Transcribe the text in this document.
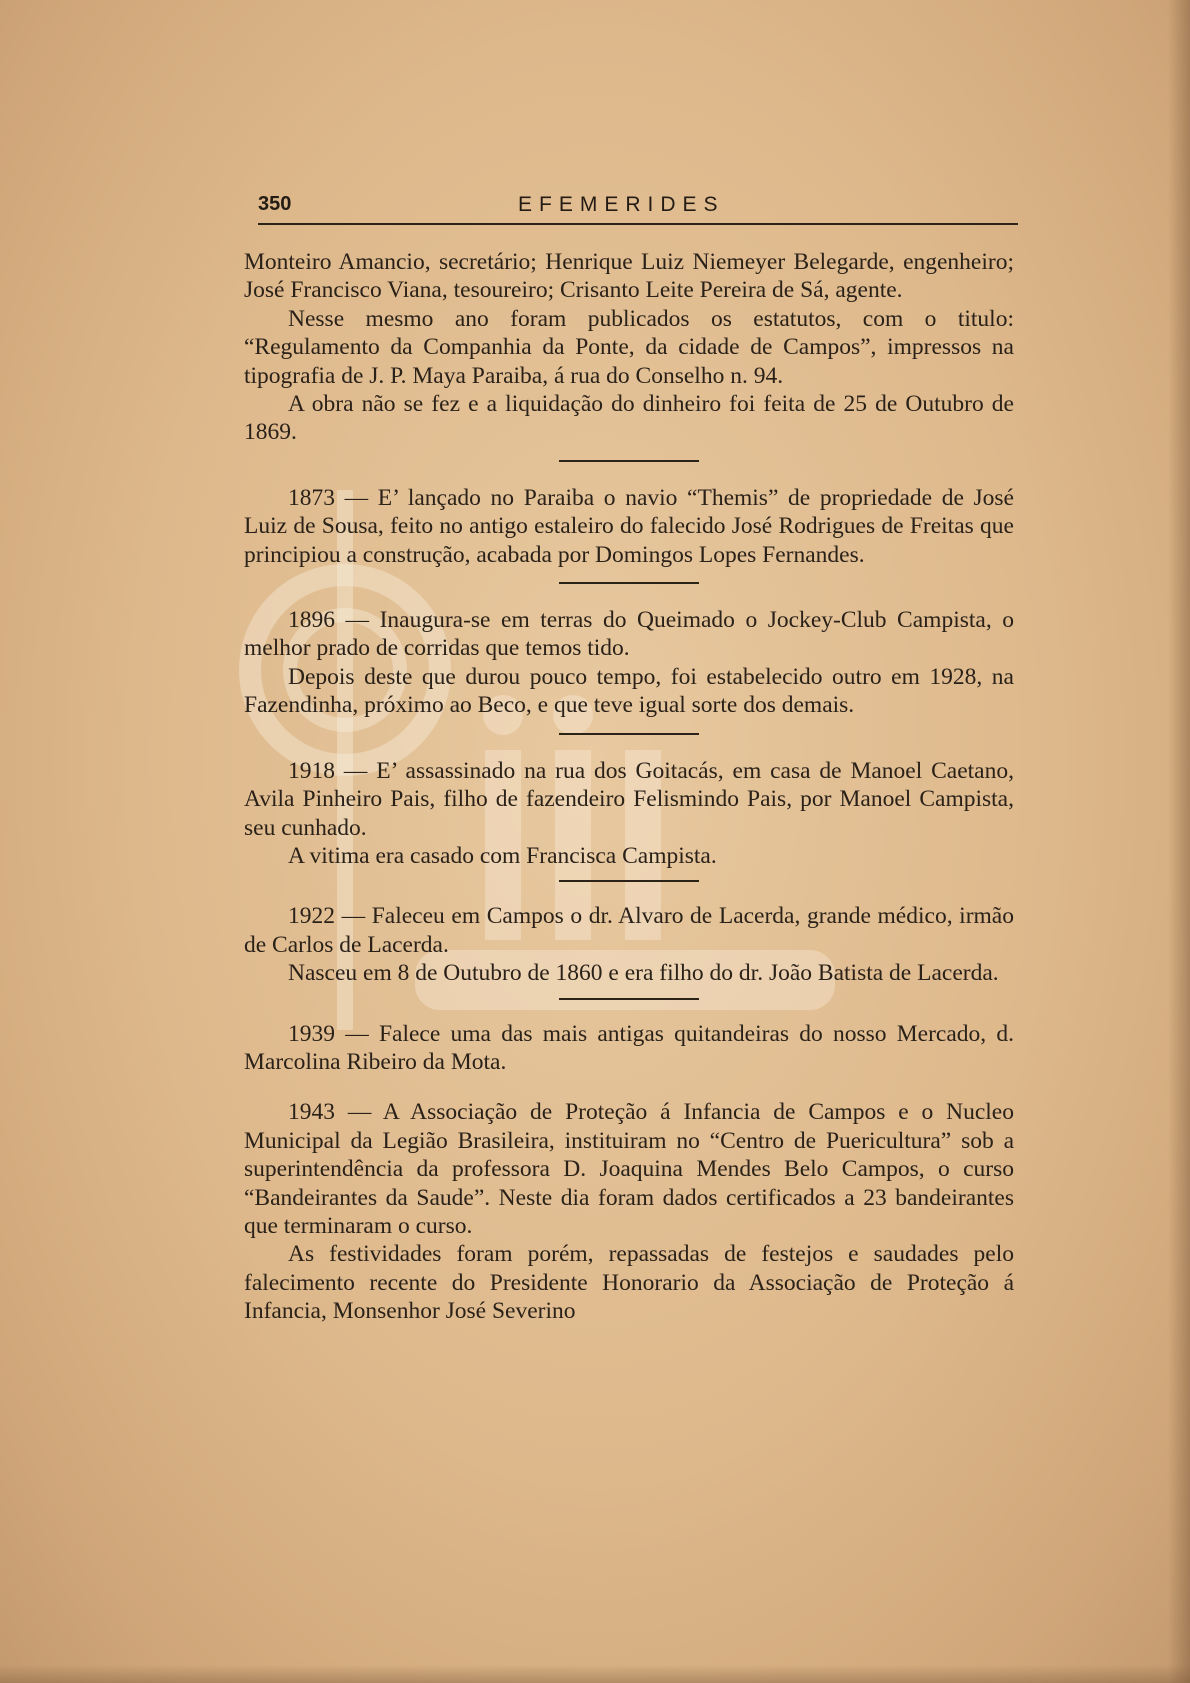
350	EFEMERIDES

Monteiro Amancio, secretário; Henrique Luiz Niemeyer Belegarde, engenheiro; José Francisco Viana, tesoureiro; Crisanto Leite Pereira de Sá, agente.

Nesse mesmo ano foram publicados os estatutos, com o titulo: “Regulamento da Companhia da Ponte, da cidade de Campos”, impressos na tipografia de J. P. Maya Paraiba, á rua do Conselho n. 94.

A obra não se fez e a liquidação do dinheiro foi feita de 25 de Outubro de 1869.

1873 — E’ lançado no Paraiba o navio “Themis” de propriedade de José Luiz de Sousa, feito no antigo estaleiro do falecido José Rodrigues de Freitas que principiou a construção, acabada por Domingos Lopes Fernandes.

1896 — Inaugura-se em terras do Queimado o Jockey-Club Campista, o melhor prado de corridas que temos tido.

Depois deste que durou pouco tempo, foi estabelecido outro em 1928, na Fazendinha, próximo ao Beco, e que teve igual sorte dos demais.

1918 — E’ assassinado na rua dos Goitacás, em casa de Manoel Caetano, Avila Pinheiro Pais, filho de fazendeiro Felismindo Pais, por Manoel Campista, seu cunhado.

A vitima era casado com Francisca Campista.

1922 — Faleceu em Campos o dr. Alvaro de Lacerda, grande médico, irmão de Carlos de Lacerda.

Nasceu em 8 de Outubro de 1860 e era filho do dr. João Batista de Lacerda.

1939 — Falece uma das mais antigas quitandeiras do nosso Mercado, d. Marcolina Ribeiro da Mota.

1943 — A Associação de Proteção á Infancia de Campos e o Nucleo Municipal da Legião Brasileira, instituiram no “Centro de Puericultura” sob a superintendência da professora D. Joaquina Mendes Belo Campos, o curso “Bandeirantes da Saude”. Neste dia foram dados certificados a 23 bandeirantes que terminaram o curso.

As festividades foram porém, repassadas de festejos e saudades pelo falecimento recente do Presidente Honorario da Associação de Proteção á Infancia, Monsenhor José Severino
